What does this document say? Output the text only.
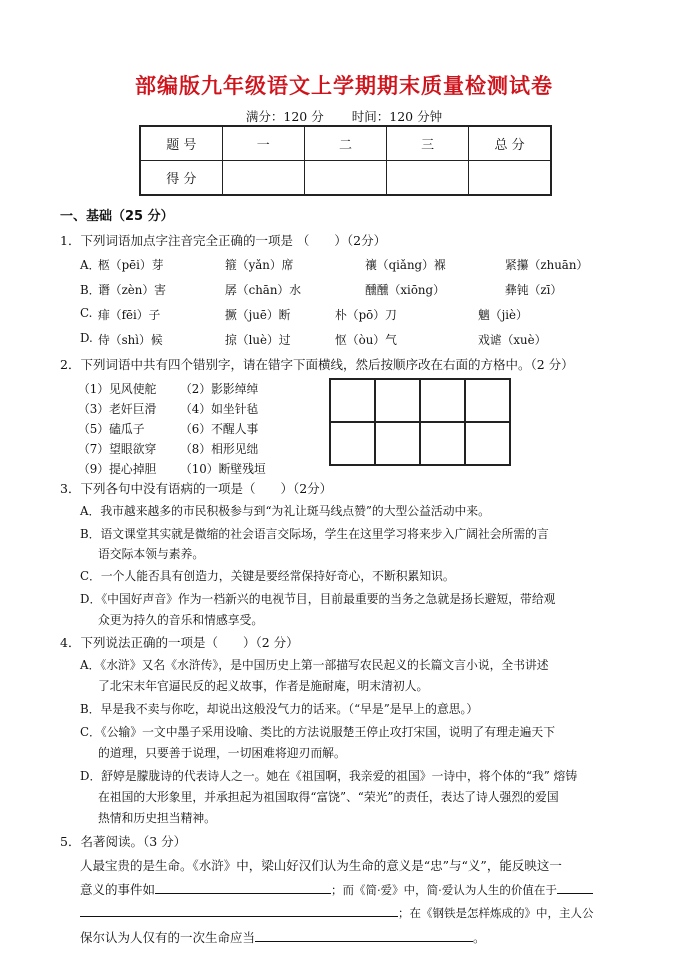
部编版九年级语文上学期期末质量检测试卷
满分：120 分 时间：120 分钟
题 号	一	二	三	总 分
得 分				
一、基础（25 分）
1．下列词语加点字注音完全正确的一项是 （　　）（2分）
A．
柩（pēi）芽	箍（yǎn）席	禳（qiǎng）褓	紧攥（zhuān）
B．
谮（zèn）害	孱（chān）水	醺醺（xiōng）	彝钝（zī）
C. 痱（fēi）子	撅（juē）断	朴（pō）刀	魑（jiè）
D. 侍（shì）候	掠（luè）过	怄（òu）气	戏谑（xuè）
2．下列词语中共有四个错别字，请在错字下面横线，然后按顺序改在右面的方格中。（2 分）
（1）见风使舵 （2）影影绰绰
（3）老奸巨滑 （4）如坐针毡
（5）磕瓜子	（6）不醒人事
（7）望眼欲穿 （8）相形见绌
（9）提心掉胆 （10）断壁残垣
3．下列各句中没有语病的一项是（　　）（2分）
A．我市越来越多的市民积极参与到“为礼让斑马线点赞”的大型公益活动中来。
B．语文课堂其实就是微缩的社会语言交际场，学生在这里学习将来步入广阔社会所需的言
语交际本领与素养。
C．一个人能否具有创造力，关键是要经常保持好奇心，不断积累知识。
D．《中国好声音》作为一档新兴的电视节目，目前最重要的当务之急就是扬长避短，带给观
众更为持久的音乐和情感享受。
4．下列说法正确的一项是（　　）（2 分）
A．《水浒》又名《水浒传》，是中国历史上第一部描写农民起义的长篇文言小说，全书讲述
了北宋末年官逼民反的起义故事，作者是施耐庵，明末清初人。
B．早是我不卖与你吃，却说出这般没气力的话来。（“早是”是早上的意思。）
C．《公输》一文中墨子采用设喻、类比的方法说服楚王停止攻打宋国，说明了有理走遍天下
的道理，只要善于说理，一切困难将迎刃而解。
D．舒婷是朦胧诗的代表诗人之一。她在《祖国啊，我亲爱的祖国》一诗中，将个体的“我” 熔铸
在祖国的大形象里，并承担起为祖国取得“富饶”、“荣光”的责任，表达了诗人强烈的爱国
热情和历史担当精神。
5．名著阅读。（3 分）
人最宝贵的是生命。《水浒》中，梁山好汉们认为生命的意义是“忠”与“义”，能反映这一
意义的事件如	；而《简·爱》中，简·爱认为人生的价值在于
；在《钢铁是怎样炼成的》中，主人公
保尔认为人仅有的一次生命应当	。
